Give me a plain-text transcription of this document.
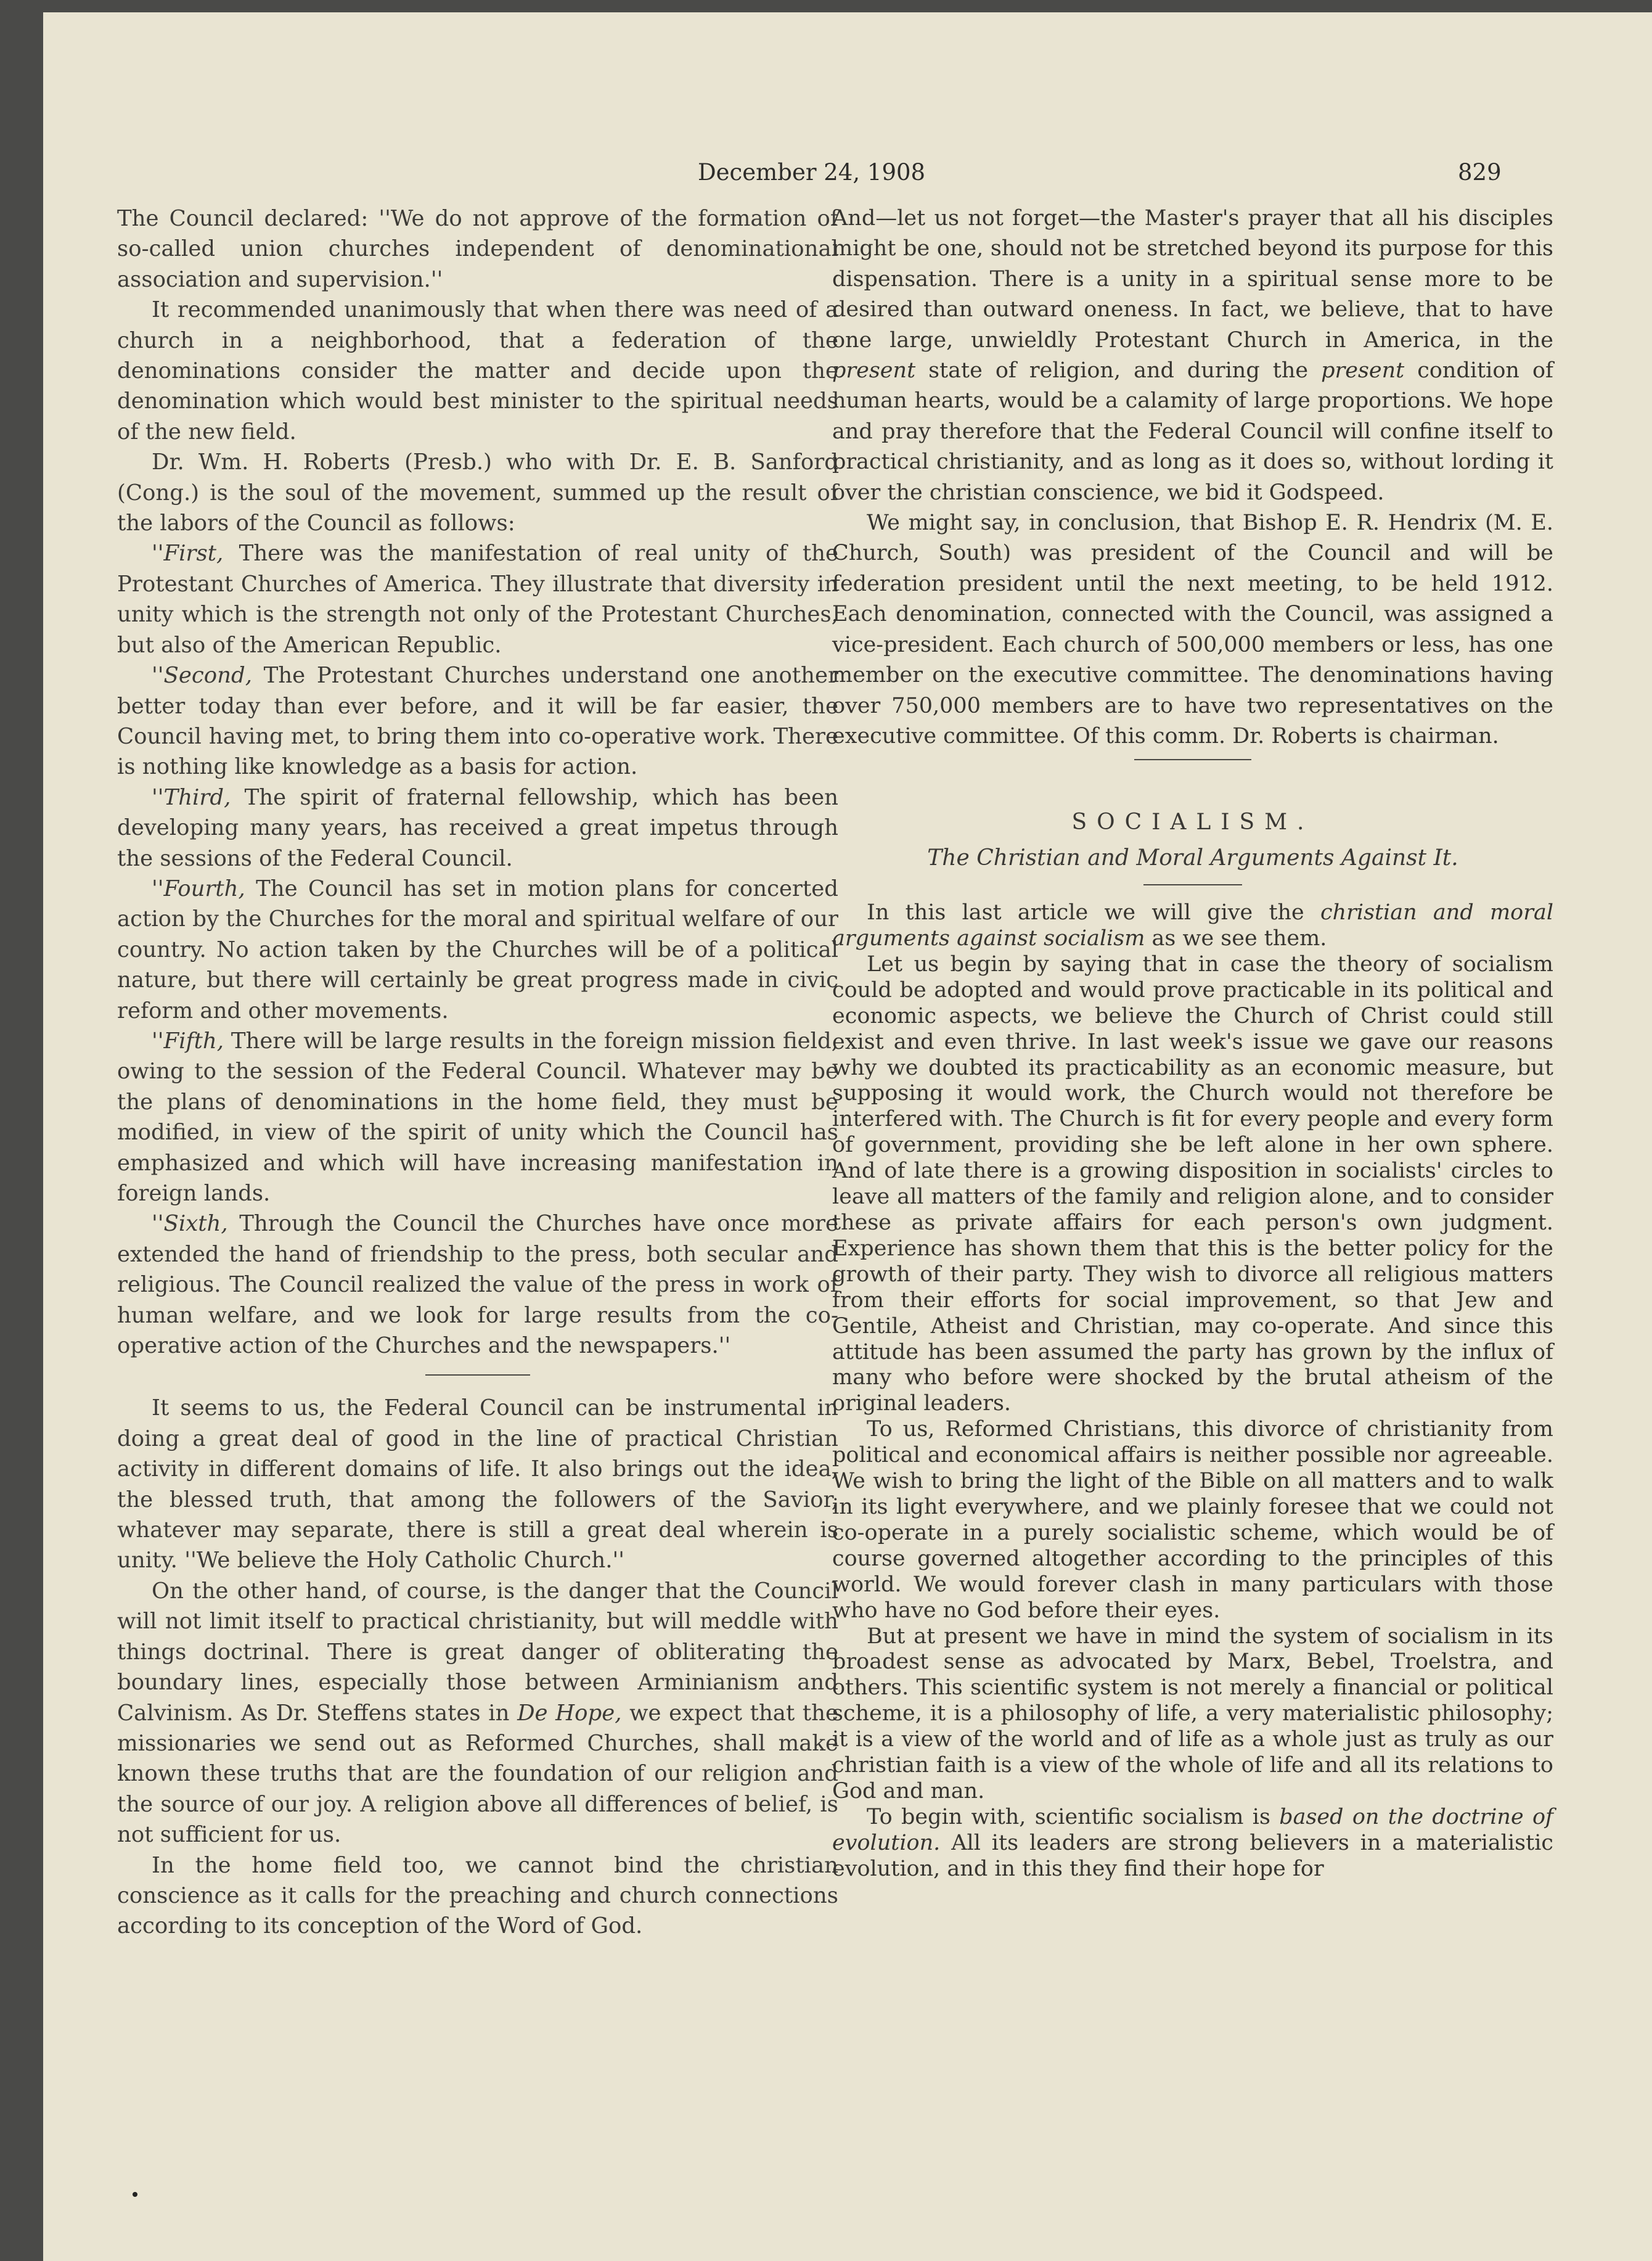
December 24, 1908	829

The Council declared: ''We do not approve of the formation of so-called union churches independent of denominational association and supervision.''

It recommended unanimously that when there was need of a church in a neighborhood, that a federation of the denominations consider the matter and decide upon the denomination which would best minister to the spiritual needs of the new field.

Dr. Wm. H. Roberts (Presb.) who with Dr. E. B. Sanford (Cong.) is the soul of the movement, summed up the result of the labors of the Council as follows:

''First, There was the manifestation of real unity of the Protestant Churches of America. They illustrate that diversity in unity which is the strength not only of the Protestant Churches, but also of the American Republic.

''Second, The Protestant Churches understand one another better today than ever before, and it will be far easier, the Council having met, to bring them into co-operative work. There is nothing like knowledge as a basis for action.

''Third, The spirit of fraternal fellowship, which has been developing many years, has received a great impetus through the sessions of the Federal Council.

''Fourth, The Council has set in motion plans for concerted action by the Churches for the moral and spiritual welfare of our country. No action taken by the Churches will be of a political nature, but there will certainly be great progress made in civic reform and other movements.

''Fifth, There will be large results in the foreign mission field, owing to the session of the Federal Council. Whatever may be the plans of denominations in the home field, they must be modified, in view of the spirit of unity which the Council has emphasized and which will have increasing manifestation in foreign lands.

''Sixth, Through the Council the Churches have once more extended the hand of friendship to the press, both secular and religious. The Council realized the value of the press in work of human welfare, and we look for large results from the co-operative action of the Churches and the newspapers.''

It seems to us, the Federal Council can be instrumental in doing a great deal of good in the line of practical Christian activity in different domains of life. It also brings out the idea, the blessed truth, that among the followers of the Savior, whatever may separate, there is still a great deal wherein is unity. ''We believe the Holy Catholic Church.''

On the other hand, of course, is the danger that the Council will not limit itself to practical christianity, but will meddle with things doctrinal. There is great danger of obliterating the boundary lines, especially those between Arminianism and Calvinism. As Dr. Steffens states in De Hope, we expect that the missionaries we send out as Reformed Churches, shall make known these truths that are the foundation of our religion and the source of our joy. A religion above all differences of belief, is not sufficient for us.

In the home field too, we cannot bind the christian conscience as it calls for the preaching and church connections according to its conception of the Word of God.

And—let us not forget—the Master's prayer that all his disciples might be one, should not be stretched beyond its purpose for this dispensation. There is a unity in a spiritual sense more to be desired than outward oneness. In fact, we believe, that to have one large, unwieldly Protestant Church in America, in the present state of religion, and during the present condition of human hearts, would be a calamity of large proportions. We hope and pray therefore that the Federal Council will confine itself to practical christianity, and as long as it does so, without lording it over the christian conscience, we bid it Godspeed.

We might say, in conclusion, that Bishop E. R. Hendrix (M. E. Church, South) was president of the Council and will be federation president until the next meeting, to be held 1912. Each denomination, connected with the Council, was assigned a vice-president. Each church of 500,000 members or less, has one member on the executive committee. The denominations having over 750,000 members are to have two representatives on the executive committee. Of this comm. Dr. Roberts is chairman.

SOCIALISM.
The Christian and Moral Arguments Against It.

In this last article we will give the christian and moral arguments against socialism as we see them.

Let us begin by saying that in case the theory of socialism could be adopted and would prove practicable in its political and economic aspects, we believe the Church of Christ could still exist and even thrive. In last week's issue we gave our reasons why we doubted its practicability as an economic measure, but supposing it would work, the Church would not therefore be interfered with. The Church is fit for every people and every form of government, providing she be left alone in her own sphere. And of late there is a growing disposition in socialists' circles to leave all matters of the family and religion alone, and to consider these as private affairs for each person's own judgment. Experience has shown them that this is the better policy for the growth of their party. They wish to divorce all religious matters from their efforts for social improvement, so that Jew and Gentile, Atheist and Christian, may co-operate. And since this attitude has been assumed the party has grown by the influx of many who before were shocked by the brutal atheism of the original leaders.

To us, Reformed Christians, this divorce of christianity from political and economical affairs is neither possible nor agreeable. We wish to bring the light of the Bible on all matters and to walk in its light everywhere, and we plainly foresee that we could not co-operate in a purely socialistic scheme, which would be of course governed altogether according to the principles of this world. We would forever clash in many particulars with those who have no God before their eyes.

But at present we have in mind the system of socialism in its broadest sense as advocated by Marx, Bebel, Troelstra, and others. This scientific system is not merely a financial or political scheme, it is a philosophy of life, a very materialistic philosophy; it is a view of the world and of life as a whole just as truly as our christian faith is a view of the whole of life and all its relations to God and man.

To begin with, scientific socialism is based on the doctrine of evolution. All its leaders are strong believers in a materialistic evolution, and in this they find their hope for
